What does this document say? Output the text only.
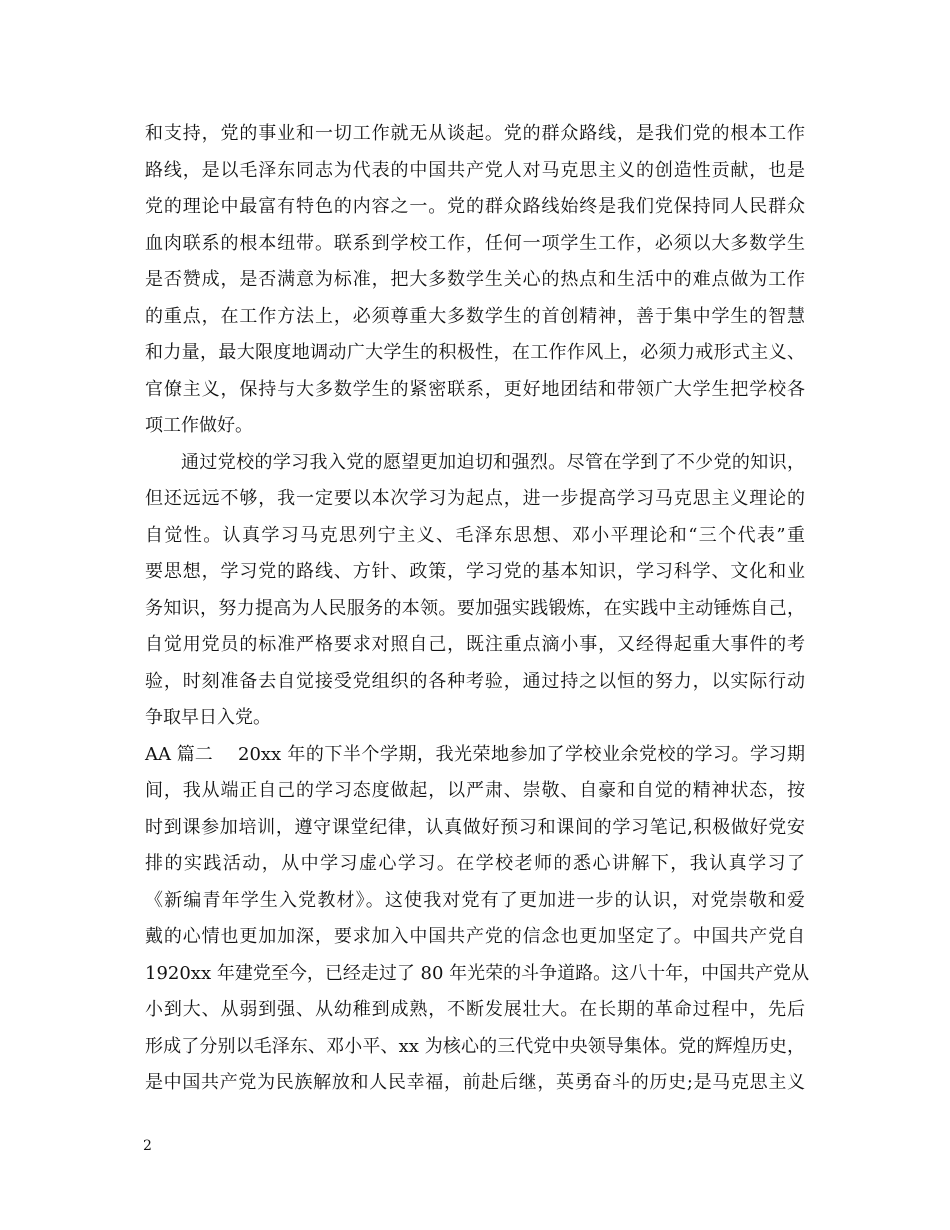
和支持，党的事业和一切工作就无从谈起。党的群众路线，是我们党的根本工作
路线，是以毛泽东同志为代表的中国共产党人对马克思主义的创造性贡献，也是
党的理论中最富有特色的内容之一。党的群众路线始终是我们党保持同人民群众
血肉联系的根本纽带。联系到学校工作，任何一项学生工作，必须以大多数学生
是否赞成，是否满意为标准，把大多数学生关心的热点和生活中的难点做为工作
的重点，在工作方法上，必须尊重大多数学生的首创精神，善于集中学生的智慧
和力量，最大限度地调动广大学生的积极性，在工作作风上，必须力戒形式主义、
官僚主义，保持与大多数学生的紧密联系，更好地团结和带领广大学生把学校各
项工作做好。
通过党校的学习我入党的愿望更加迫切和强烈。尽管在学到了不少党的知识，
但还远远不够，我一定要以本次学习为起点，进一步提高学习马克思主义理论的
自觉性。认真学习马克思列宁主义、毛泽东思想、邓小平理论和“三个代表”重
要思想，学习党的路线、方针、政策，学习党的基本知识，学习科学、文化和业
务知识，努力提高为人民服务的本领。要加强实践锻炼，在实践中主动锤炼自己，
自觉用党员的标准严格要求对照自己，既注重点滴小事，又经得起重大事件的考
验，时刻准备去自觉接受党组织的各种考验，通过持之以恒的努力，以实际行动
争取早日入党。
AA 篇二 20xx 年的下半个学期，我光荣地参加了学校业余党校的学习。学习期
间，我从端正自己的学习态度做起，以严肃、崇敬、自豪和自觉的精神状态，按
时到课参加培训，遵守课堂纪律，认真做好预习和课间的学习笔记,积极做好党安
排的实践活动，从中学习虚心学习。在学校老师的悉心讲解下，我认真学习了
《新编青年学生入党教材》。这使我对党有了更加进一步的认识，对党崇敬和爱
戴的心情也更加加深，要求加入中国共产党的信念也更加坚定了。中国共产党自
1920xx 年建党至今，已经走过了 80 年光荣的斗争道路。这八十年，中国共产党从
小到大、从弱到强、从幼稚到成熟，不断发展壮大。在长期的革命过程中，先后
形成了分别以毛泽东、邓小平、xx 为核心的三代党中央领导集体。党的辉煌历史，
是中国共产党为民族解放和人民幸福，前赴后继，英勇奋斗的历史;是马克思主义
2
